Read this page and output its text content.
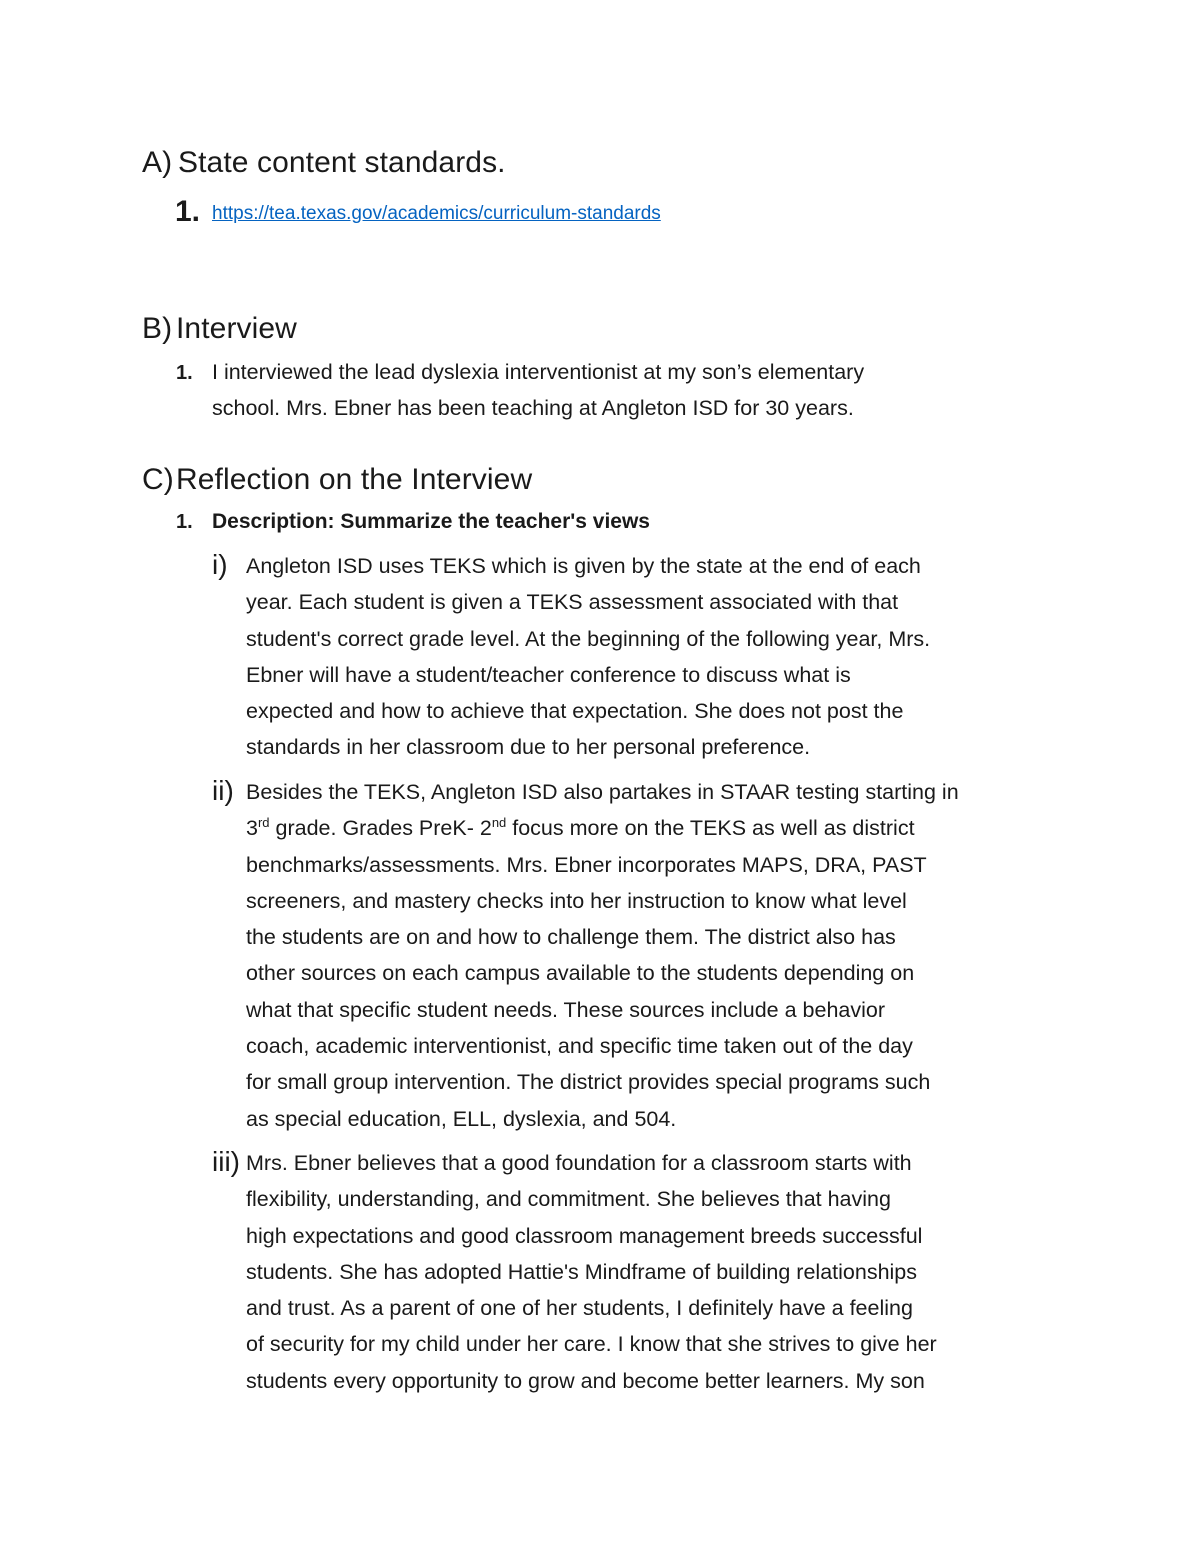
A) State content standards.
1. https://tea.texas.gov/academics/curriculum-standards
B) Interview
1. I interviewed the lead dyslexia interventionist at my son’s elementary
school. Mrs. Ebner has been teaching at Angleton ISD for 30 years.
C) Reflection on the Interview
1. Description: Summarize the teacher's views
i) Angleton ISD uses TEKS which is given by the state at the end of each
year. Each student is given a TEKS assessment associated with that
student's correct grade level. At the beginning of the following year, Mrs.
Ebner will have a student/teacher conference to discuss what is
expected and how to achieve that expectation. She does not post the
standards in her classroom due to her personal preference.
ii) Besides the TEKS, Angleton ISD also partakes in STAAR testing starting in
3rd grade. Grades PreK- 2nd focus more on the TEKS as well as district
benchmarks/assessments. Mrs. Ebner incorporates MAPS, DRA, PAST
screeners, and mastery checks into her instruction to know what level
the students are on and how to challenge them. The district also has
other sources on each campus available to the students depending on
what that specific student needs. These sources include a behavior
coach, academic interventionist, and specific time taken out of the day
for small group intervention. The district provides special programs such
as special education, ELL, dyslexia, and 504.
iii) Mrs. Ebner believes that a good foundation for a classroom starts with
flexibility, understanding, and commitment. She believes that having
high expectations and good classroom management breeds successful
students. She has adopted Hattie's Mindframe of building relationships
and trust. As a parent of one of her students, I definitely have a feeling
of security for my child under her care. I know that she strives to give her
students every opportunity to grow and become better learners. My son
